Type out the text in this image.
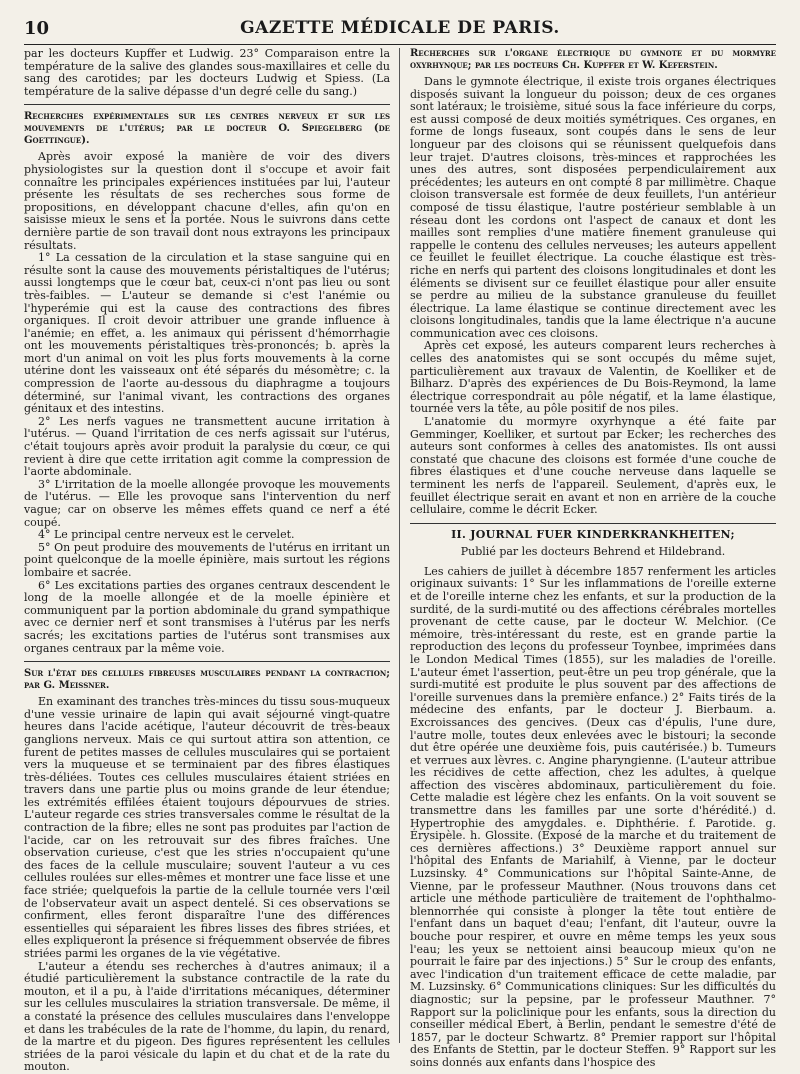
10	GAZETTE MÉDICALE DE PARIS.

par les docteurs Kupffer et Ludwig. 23° Comparaison entre la température de la salive des glandes sous-maxillaires et celle du sang des carotides; par les docteurs Ludwig et Spiess. (La température de la salive dépasse d'un degré celle du sang.)

Recherches expérimentales sur les centres nerveux et sur les mouvements de l'utérus; par le docteur O. Spiegelberg (de Goettingue).

Après avoir exposé la manière de voir des divers physiologistes sur la question dont il s'occupe et avoir fait connaître les principales expériences instituées par lui, l'auteur présente les résultats de ses recherches sous forme de propositions, en développant chacune d'elles, afin qu'on en saisisse mieux le sens et la portée. Nous le suivrons dans cette dernière partie de son travail dont nous extrayons les principaux résultats.

1° La cessation de la circulation et la stase sanguine qui en résulte sont la cause des mouvements péristaltiques de l'utérus; aussi longtemps que le cœur bat, ceux-ci n'ont pas lieu ou sont très-faibles. — L'auteur se demande si c'est l'anémie ou l'hyperémie qui est la cause des contractions des fibres organiques. Il croit devoir attribuer une grande influence à l'anémie; en effet, a. les animaux qui périssent d'hémorrhagie ont les mouvements péristaltiques très-prononcés; b. après la mort d'un animal on voit les plus forts mouvements à la corne utérine dont les vaisseaux ont été séparés du mésomètre; c. la compression de l'aorte au-dessous du diaphragme a toujours déterminé, sur l'animal vivant, les contractions des organes génitaux et des intestins.

2° Les nerfs vagues ne transmettent aucune irritation à l'utérus. — Quand l'irritation de ces nerfs agissait sur l'utérus, c'était toujours après avoir produit la paralysie du cœur, ce qui revient à dire que cette irritation agit comme la compression de l'aorte abdominale.

3° L'irritation de la moelle allongée provoque les mouvements de l'utérus. — Elle les provoque sans l'intervention du nerf vague; car on observe les mêmes effets quand ce nerf a été coupé.

4° Le principal centre nerveux est le cervelet.

5° On peut produire des mouvements de l'utérus en irritant un point quelconque de la moelle épinière, mais surtout les régions lombaire et sacrée.

6° Les excitations parties des organes centraux descendent le long de la moelle allongée et de la moelle épinière et communiquent par la portion abdominale du grand sympathique avec ce dernier nerf et sont transmises à l'utérus par les nerfs sacrés; les excitations parties de l'utérus sont transmises aux organes centraux par la même voie.

Sur l'état des cellules fibreuses musculaires pendant la contraction; par G. Meissner.

En examinant des tranches très-minces du tissu sous-muqueux d'une vessie urinaire de lapin qui avait séjourné vingt-quatre heures dans l'acide acétique, l'auteur découvrit de très-beaux ganglions nerveux. Mais ce qui surtout attira son attention, ce furent de petites masses de cellules musculaires qui se portaient vers la muqueuse et se terminaient par des fibres élastiques très-déliées. Toutes ces cellules musculaires étaient striées en travers dans une partie plus ou moins grande de leur étendue; les extrémités effilées étaient toujours dépourvues de stries. L'auteur regarde ces stries transversales comme le résultat de la contraction de la fibre; elles ne sont pas produites par l'action de l'acide, car on les retrouvait sur des fibres fraîches. Une observation curieuse, c'est que les stries n'occupaient qu'une des faces de la cellule musculaire; souvent l'auteur a vu ces cellules roulées sur elles-mêmes et montrer une face lisse et une face striée; quelquefois la partie de la cellule tournée vers l'œil de l'observateur avait un aspect dentelé. Si ces observations se confirment, elles feront disparaître l'une des différences essentielles qui séparaient les fibres lisses des fibres striées, et elles expliqueront la présence si fréquemment observée de fibres striées parmi les organes de la vie végétative.

L'auteur a étendu ses recherches à d'autres animaux; il a étudié particulièrement la substance contractile de la rate du mouton, et il a pu, à l'aide d'irritations mécaniques, déterminer sur les cellules musculaires la striation transversale. De même, il a constaté la présence des cellules musculaires dans l'enveloppe et dans les trabécules de la rate de l'homme, du lapin, du renard, de la martre et du pigeon. Des figures représentent les cellules striées de la paroi vésicale du lapin et du chat et de la rate du mouton.

Recherches sur l'organe électrique du gymnote et du mormyre oxyrhynque; par les docteurs Ch. Kupffer et W. Keferstein.

Dans le gymnote électrique, il existe trois organes électriques disposés suivant la longueur du poisson; deux de ces organes sont latéraux; le troisième, situé sous la face inférieure du corps, est aussi composé de deux moitiés symétriques. Ces organes, en forme de longs fuseaux, sont coupés dans le sens de leur longueur par des cloisons qui se réunissent quelquefois dans leur trajet. D'autres cloisons, très-minces et rapprochées les unes des autres, sont disposées perpendiculairement aux précédentes; les auteurs en ont compté 8 par millimètre. Chaque cloison transversale est formée de deux feuillets, l'un antérieur composé de tissu élastique, l'autre postérieur semblable à un réseau dont les cordons ont l'aspect de canaux et dont les mailles sont remplies d'une matière finement granuleuse qui rappelle le contenu des cellules nerveuses; les auteurs appellent ce feuillet le feuillet électrique. La couche élastique est très-riche en nerfs qui partent des cloisons longitudinales et dont les éléments se divisent sur ce feuillet élastique pour aller ensuite se perdre au milieu de la substance granuleuse du feuillet électrique. La lame élastique se continue directement avec les cloisons longitudinales, tandis que la lame électrique n'a aucune communication avec ces cloisons.

Après cet exposé, les auteurs comparent leurs recherches à celles des anatomistes qui se sont occupés du même sujet, particulièrement aux travaux de Valentin, de Koelliker et de Bilharz. D'après des expériences de Du Bois-Reymond, la lame électrique correspondrait au pôle négatif, et la lame élastique, tournée vers la tête, au pôle positif de nos piles.

L'anatomie du mormyre oxyrhynque a été faite par Gemminger, Koelliker, et surtout par Ecker; les recherches des auteurs sont conformes à celles des anatomistes. Ils ont aussi constaté que chacune des cloisons est formée d'une couche de fibres élastiques et d'une couche nerveuse dans laquelle se terminent les nerfs de l'appareil. Seulement, d'après eux, le feuillet électrique serait en avant et non en arrière de la couche cellulaire, comme le décrit Ecker.

II. JOURNAL FUER KINDERKRANKHEITEN;
Publié par les docteurs Behrend et Hildebrand.

Les cahiers de juillet à décembre 1857 renferment les articles originaux suivants: 1° Sur les inflammations de l'oreille externe et de l'oreille interne chez les enfants, et sur la production de la surdité, de la surdi-mutité ou des affections cérébrales mortelles provenant de cette cause, par le docteur W. Melchior. (Ce mémoire, très-intéressant du reste, est en grande partie la reproduction des leçons du professeur Toynbee, imprimées dans le London Medical Times (1855), sur les maladies de l'oreille. L'auteur émet l'assertion, peut-être un peu trop générale, que la surdi-mutité est produite le plus souvent par des affections de l'oreille survenues dans la première enfance.) 2° Faits tirés de la médecine des enfants, par le docteur J. Bierbaum. a. Excroissances des gencives. (Deux cas d'épulis, l'une dure, l'autre molle, toutes deux enlevées avec le bistouri; la seconde dut être opérée une deuxième fois, puis cautérisée.) b. Tumeurs et verrues aux lèvres. c. Angine pharyngienne. (L'auteur attribue les récidives de cette affection, chez les adultes, à quelque affection des viscères abdominaux, particulièrement du foie. Cette maladie est légère chez les enfants. On la voit souvent se transmettre dans les familles par une sorte d'hérédité.) d. Hypertrophie des amygdales. e. Diphthérie. f. Parotide. g. Érysipèle. h. Glossite. (Exposé de la marche et du traitement de ces dernières affections.) 3° Deuxième rapport annuel sur l'hôpital des Enfants de Mariahilf, à Vienne, par le docteur Luzsinsky. 4° Communications sur l'hôpital Sainte-Anne, de Vienne, par le professeur Mauthner. (Nous trouvons dans cet article une méthode particulière de traitement de l'ophthalmo-blennorrhée qui consiste à plonger la tête tout entière de l'enfant dans un baquet d'eau; l'enfant, dit l'auteur, ouvre la bouche pour respirer, et ouvre en même temps les yeux sous l'eau; les yeux se nettoient ainsi beaucoup mieux qu'on ne pourrait le faire par des injections.) 5° Sur le croup des enfants, avec l'indication d'un traitement efficace de cette maladie, par M. Luzsinsky. 6° Communications cliniques: Sur les difficultés du diagnostic; sur la pepsine, par le professeur Mauthner. 7° Rapport sur la policlinique pour les enfants, sous la direction du conseiller médical Ebert, à Berlin, pendant le semestre d'été de 1857, par le docteur Schwartz. 8° Premier rapport sur l'hôpital des Enfants de Stettin, par le docteur Steffen. 9° Rapport sur les soins donnés aux enfants dans l'hospice des
